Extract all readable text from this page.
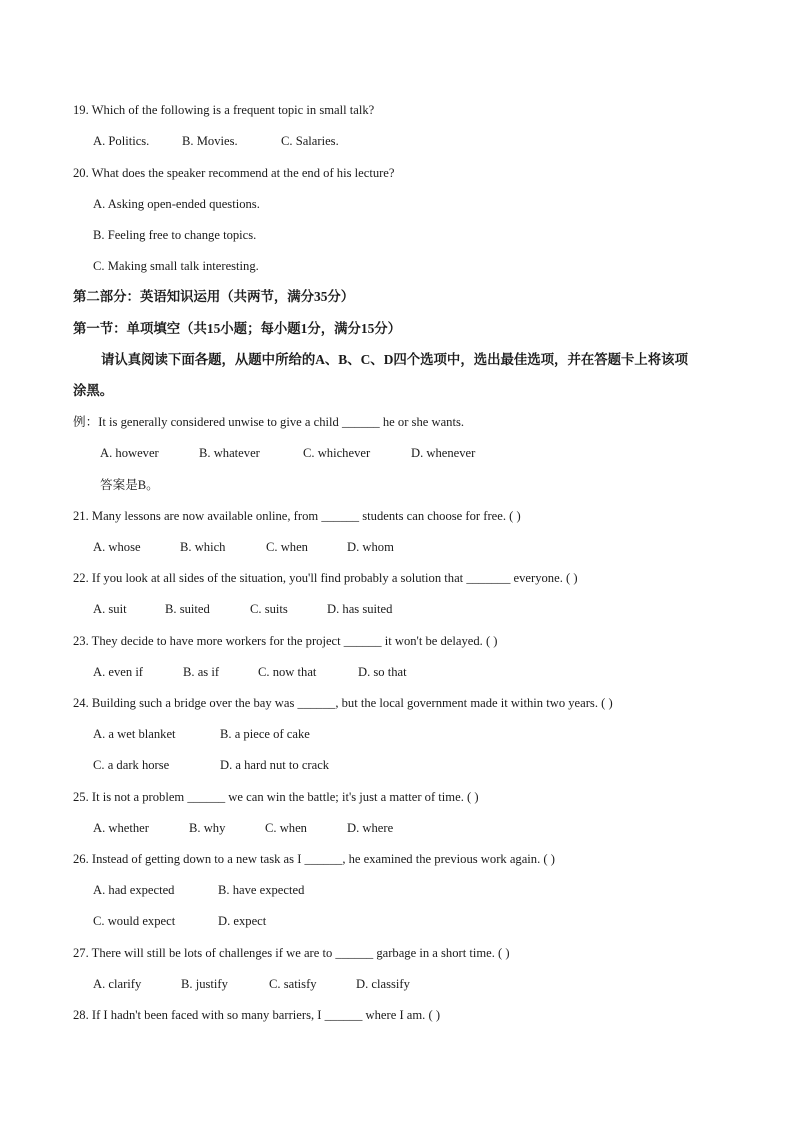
19. Which of the following is a frequent topic in small talk?
A. Politics.	B. Movies.	C. Salaries.
20. What does the speaker recommend at the end of his lecture?
A. Asking open-ended questions.
B. Feeling free to change topics.
C. Making small talk interesting.
第二部分：英语知识运用（共两节，满分35分）
第一节：单项填空（共15小题；每小题1分，满分15分）
请认真阅读下面各题，从题中所给的A、B、C、D四个选项中，选出最佳选项，并在答题卡上将该项
涂黑。
例：It is generally considered unwise to give a child ______ he or she wants.
A. however	B. whatever	C. whichever	D. whenever
答案是B。
21. Many lessons are now available online, from ______ students can choose for free. ( )
A. whose	B. which	C. when	D. whom
22. If you look at all sides of the situation, you'll find probably a solution that _______ everyone. ( )
A. suit	B. suited	C. suits	D. has suited
23. They decide to have more workers for the project ______ it won't be delayed. ( )
A. even if	B. as if	C. now that	D. so that
24. Building such a bridge over the bay was ______, but the local government made it within two years. ( )
A. a wet blanket	B. a piece of cake
C. a dark horse	D. a hard nut to crack
25. It is not a problem ______ we can win the battle; it's just a matter of time. ( )
A. whether	B. why	C. when	D. where
26. Instead of getting down to a new task as I ______, he examined the previous work again. ( )
A. had expected	B. have expected
C. would expect	D. expect
27. There will still be lots of challenges if we are to ______ garbage in a short time. ( )
A. clarify	B. justify	C. satisfy	D. classify
28. If I hadn't been faced with so many barriers, I ______ where I am. ( )
